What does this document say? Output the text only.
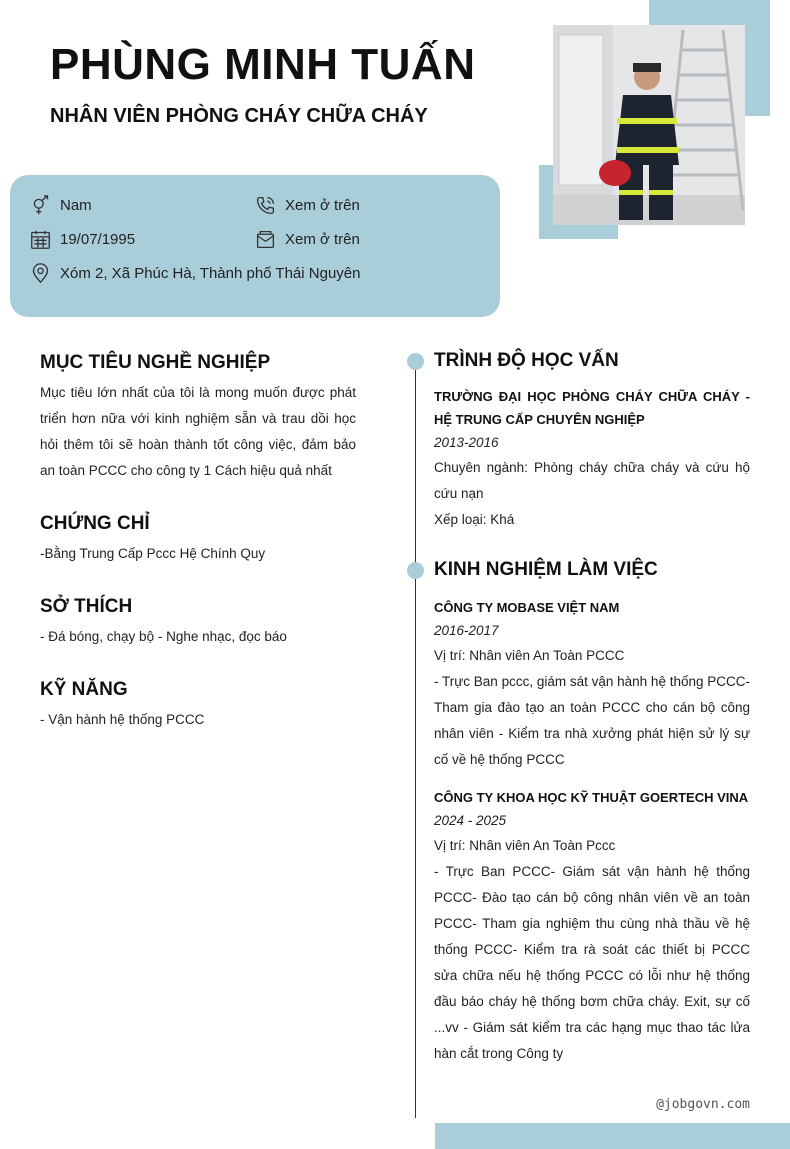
PHÙNG MINH TUẤN
NHÂN VIÊN PHÒNG CHÁY CHỮA CHÁY
Nam
19/07/1995
Xóm 2, Xã Phúc Hà, Thành phố Thái Nguyên
Xem ở trên
Xem ở trên
MỤC TIÊU NGHỀ NGHIỆP

Mục tiêu lớn nhất của tôi là mong muốn được phát triển hơn nữa với kinh nghiệm sẵn và trau dồi học hỏi thêm tôi sẽ hoàn thành tốt công việc, đảm bảo an toàn PCCC cho công ty 1 Cách hiệu quả nhất

CHỨNG CHỈ

-Bằng Trung Cấp Pccc Hệ Chính Quy

SỞ THÍCH

- Đá bóng, chạy bộ - Nghe nhạc, đọc báo

KỸ NĂNG

- Vận hành hệ thống PCCC

TRÌNH ĐỘ HỌC VẤN

TRƯỜNG ĐẠI HỌC PHÒNG CHÁY CHỮA CHÁY - HỆ TRUNG CẤP CHUYÊN NGHIỆP

2013-2016

Chuyên ngành: Phòng cháy chữa cháy và cứu hộ cứu nạn

Xếp loại: Khá

KINH NGHIỆM LÀM VIỆC

CÔNG TY MOBASE VIỆT NAM

2016-2017

Vị trí: Nhân viên An Toàn PCCC

- Trực Ban pccc, giám sát vận hành hệ thống PCCC- Tham gia đào tạo an toàn PCCC cho cán bộ công nhân viên - Kiểm tra nhà xưởng phát hiện sử lý sự cố về hệ thống PCCC

CÔNG TY KHOA HỌC KỸ THUẬT GOERTECH VINA

2024 - 2025

Vị trí: Nhân viên An Toàn Pccc

- Trực Ban PCCC- Giám sát vận hành hệ thống PCCC- Đào tạo cán bộ công nhân viên về an toàn PCCC- Tham gia nghiệm thu cùng nhà thầu về hệ thống PCCC- Kiểm tra rà soát các thiết bị PCCC sửa chữa nếu hệ thống PCCC có lỗi như hệ thống đầu báo cháy hệ thống bơm chữa cháy. Exit, sự cố ...vv - Giám sát kiểm tra các hạng mục thao tác lửa hàn cắt trong Công ty

@jobgovn.com
